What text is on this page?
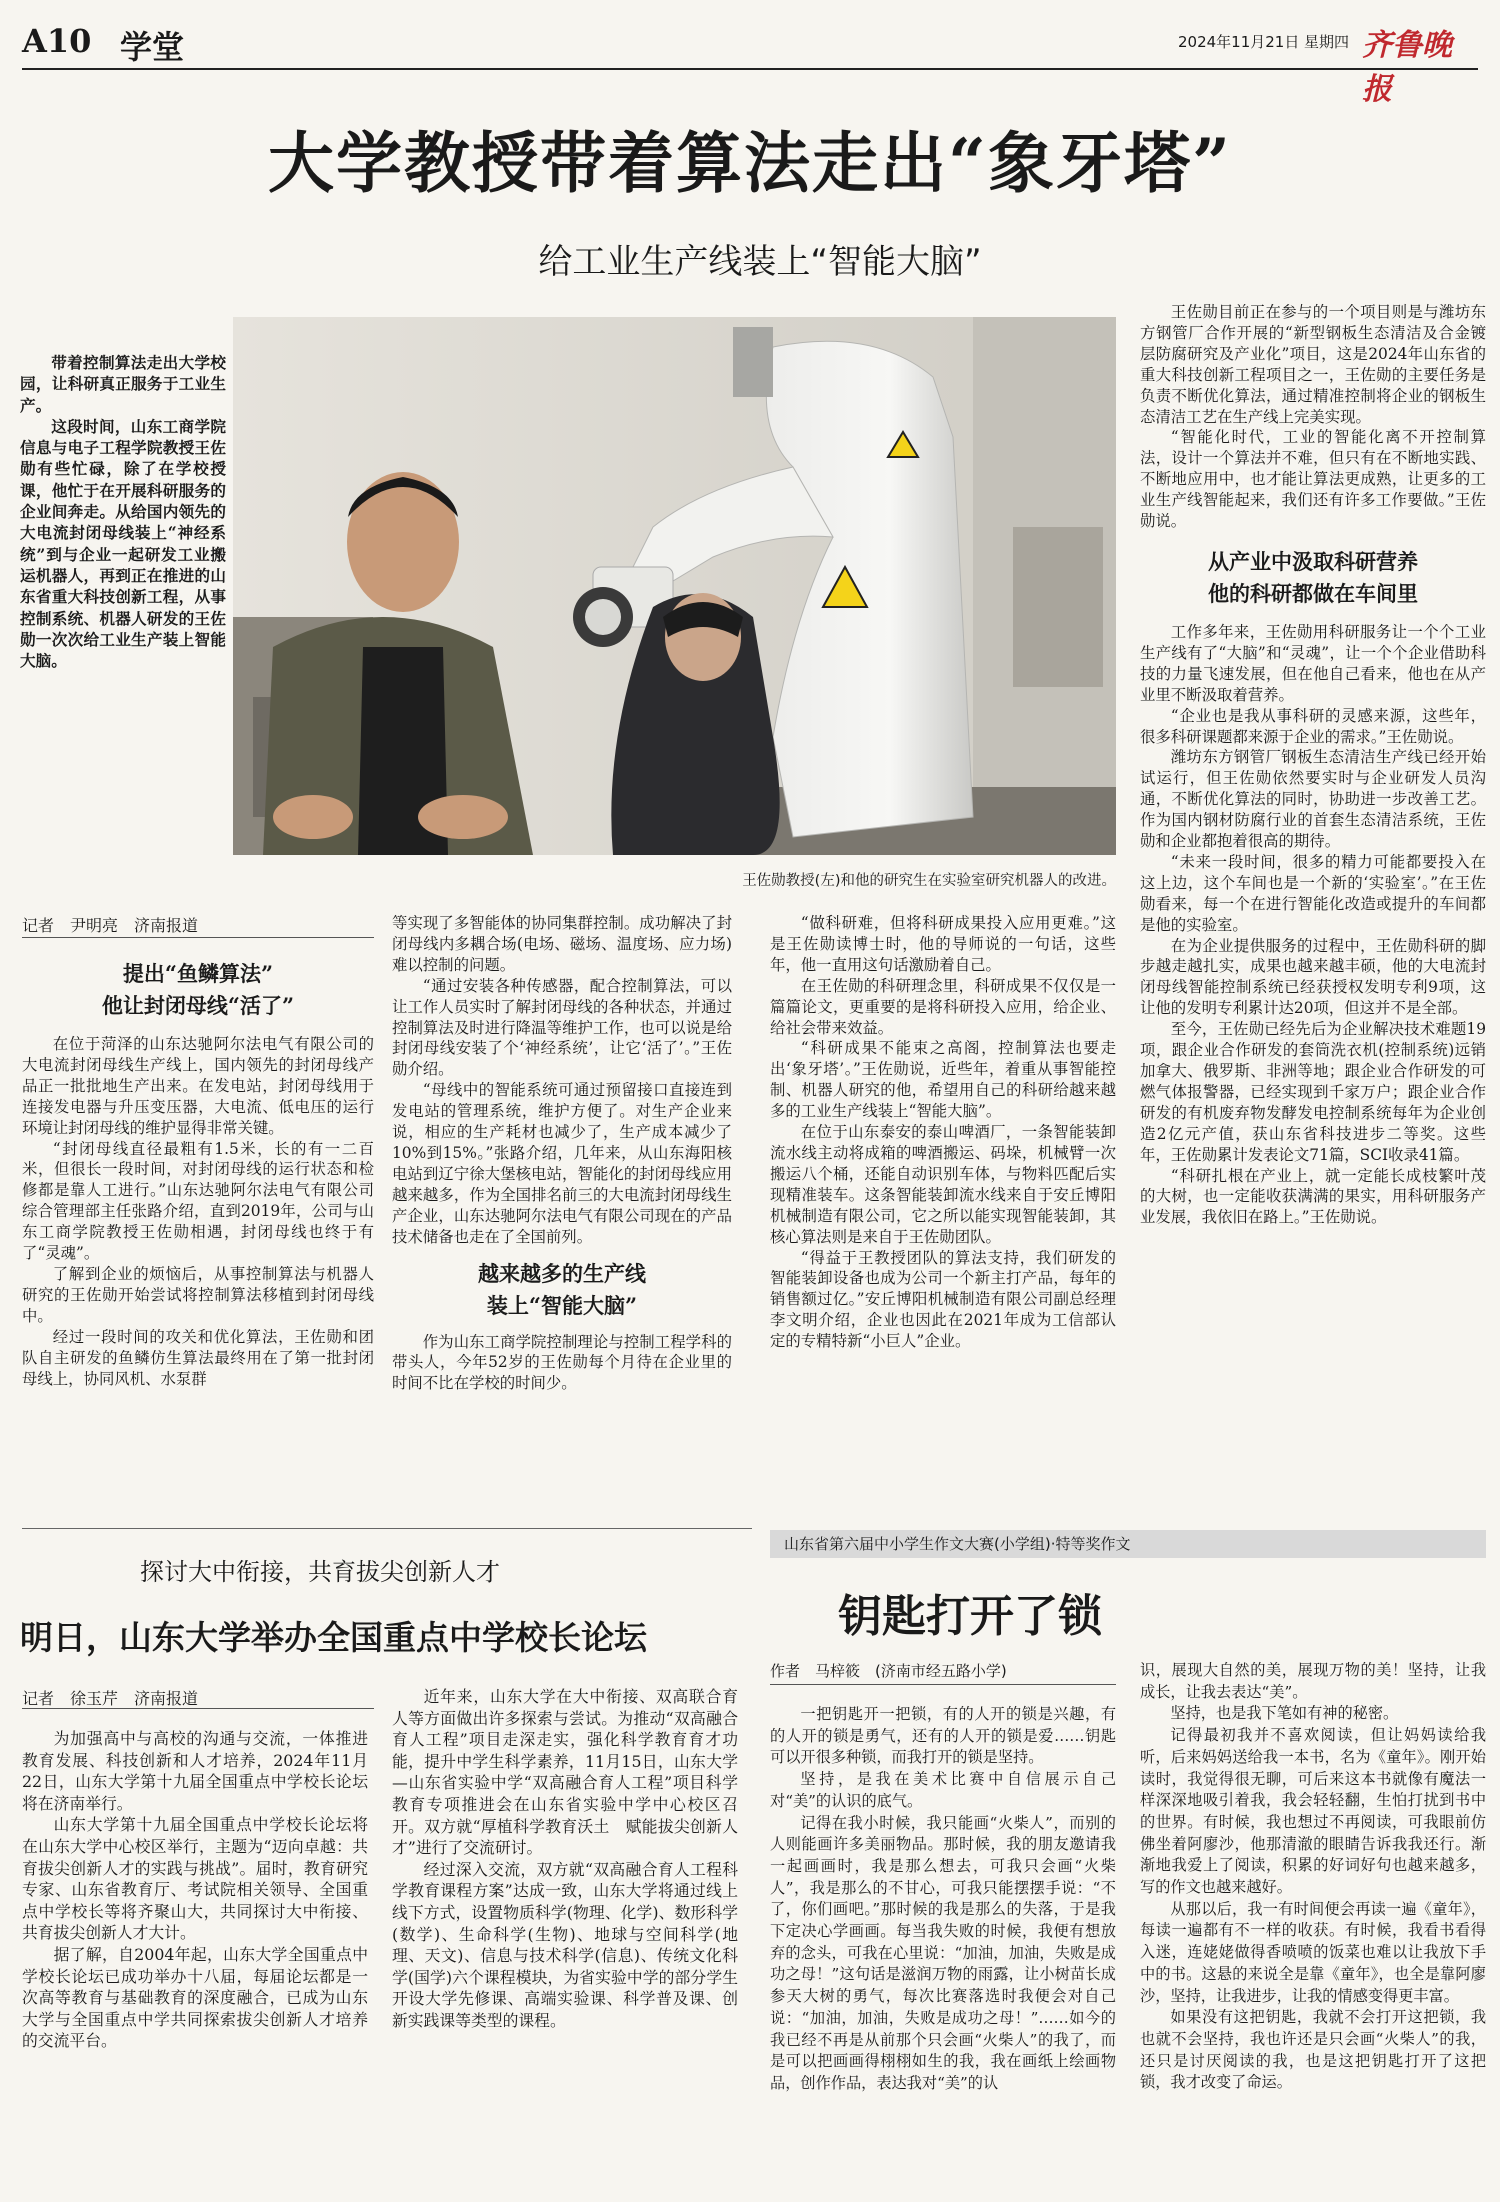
A10 学堂	2024年11月21日 星期四 齐鲁晚报
大学教授带着算法走出“象牙塔”
给工业生产线装上“智能大脑”

带着控制算法走出大学校园，让科研真正服务于工业生产。

这段时间，山东工商学院信息与电子工程学院教授王佐勋有些忙碌，除了在学校授课，他忙于在开展科研服务的企业间奔走。从给国内领先的大电流封闭母线装上“神经系统”到与企业一起研发工业搬运机器人，再到正在推进的山东省重大科技创新工程，从事控制系统、机器人研发的王佐勋一次次给工业生产装上智能大脑。

王佐勋教授(左)和他的研究生在实验室研究机器人的改进。

王佐勋目前正在参与的一个项目则是与潍坊东方钢管厂合作开展的“新型钢板生态清洁及合金镀层防腐研究及产业化”项目，这是2024年山东省的重大科技创新工程项目之一，王佐勋的主要任务是负责不断优化算法，通过精准控制将企业的钢板生态清洁工艺在生产线上完美实现。

“智能化时代，工业的智能化离不开控制算法，设计一个算法并不难，但只有在不断地实践、不断地应用中，也才能让算法更成熟，让更多的工业生产线智能起来，我们还有许多工作要做。”王佐勋说。

从产业中汲取科研营养
他的科研都做在车间里

工作多年来，王佐勋用科研服务让一个个工业生产线有了“大脑”和“灵魂”，让一个个企业借助科技的力量飞速发展，但在他自己看来，他也在从产业里不断汲取着营养。

“企业也是我从事科研的灵感来源，这些年，很多科研课题都来源于企业的需求。”王佐勋说。

潍坊东方钢管厂钢板生态清洁生产线已经开始试运行，但王佐勋依然要实时与企业研发人员沟通，不断优化算法的同时，协助进一步改善工艺。作为国内钢材防腐行业的首套生态清洁系统，王佐勋和企业都抱着很高的期待。

“未来一段时间，很多的精力可能都要投入在这上边，这个车间也是一个新的‘实验室’。”在王佐勋看来，每一个在进行智能化改造或提升的车间都是他的实验室。

在为企业提供服务的过程中，王佐勋科研的脚步越走越扎实，成果也越来越丰硕，他的大电流封闭母线智能控制系统已经获授权发明专利9项，这让他的发明专利累计达20项，但这并不是全部。

至今，王佐勋已经先后为企业解决技术难题19项，跟企业合作研发的套筒洗衣机(控制系统)远销加拿大、俄罗斯、非洲等地；跟企业合作研发的可燃气体报警器，已经实现到千家万户；跟企业合作研发的有机废弃物发酵发电控制系统每年为企业创造2亿元产值，获山东省科技进步二等奖。这些年，王佐勋累计发表论文71篇，SCI收录41篇。

“科研扎根在产业上，就一定能长成枝繁叶茂的大树，也一定能收获满满的果实，用科研服务产业发展，我依旧在路上。”王佐勋说。

记者　尹明亮　济南报道
提出“鱼鳞算法”
他让封闭母线“活了”

在位于菏泽的山东达驰阿尔法电气有限公司的大电流封闭母线生产线上，国内领先的封闭母线产品正一批批地生产出来。在发电站，封闭母线用于连接发电器与升压变压器，大电流、低电压的运行环境让封闭母线的维护显得非常关键。

“封闭母线直径最粗有1.5米，长的有一二百米，但很长一段时间，对封闭母线的运行状态和检修都是靠人工进行。”山东达驰阿尔法电气有限公司综合管理部主任张路介绍，直到2019年，公司与山东工商学院教授王佐勋相遇，封闭母线也终于有了“灵魂”。

了解到企业的烦恼后，从事控制算法与机器人研究的王佐勋开始尝试将控制算法移植到封闭母线中。

经过一段时间的攻关和优化算法，王佐勋和团队自主研发的鱼鳞仿生算法最终用在了第一批封闭母线上，协同风机、水泵群

等实现了多智能体的协同集群控制。成功解决了封闭母线内多耦合场(电场、磁场、温度场、应力场)难以控制的问题。

“通过安装各种传感器，配合控制算法，可以让工作人员实时了解封闭母线的各种状态，并通过控制算法及时进行降温等维护工作，也可以说是给封闭母线安装了个‘神经系统’，让它‘活了’。”王佐勋介绍。

“母线中的智能系统可通过预留接口直接连到发电站的管理系统，维护方便了。对生产企业来说，相应的生产耗材也减少了，生产成本减少了10%到15%。”张路介绍，几年来，从山东海阳核电站到辽宁徐大堡核电站，智能化的封闭母线应用越来越多，作为全国排名前三的大电流封闭母线生产企业，山东达驰阿尔法电气有限公司现在的产品技术储备也走在了全国前列。

越来越多的生产线
装上“智能大脑”

作为山东工商学院控制理论与控制工程学科的带头人，今年52岁的王佐勋每个月待在企业里的时间不比在学校的时间少。

“做科研难，但将科研成果投入应用更难。”这是王佐勋读博士时，他的导师说的一句话，这些年，他一直用这句话激励着自己。

在王佐勋的科研理念里，科研成果不仅仅是一篇篇论文，更重要的是将科研投入应用，给企业、给社会带来效益。

“科研成果不能束之高阁，控制算法也要走出‘象牙塔’。”王佐勋说，近些年，着重从事智能控制、机器人研究的他，希望用自己的科研给越来越多的工业生产线装上“智能大脑”。

在位于山东泰安的泰山啤酒厂，一条智能装卸流水线主动将成箱的啤酒搬运、码垛，机械臂一次搬运八个桶，还能自动识别车体，与物料匹配后实现精准装车。这条智能装卸流水线来自于安丘博阳机械制造有限公司，它之所以能实现智能装卸，其核心算法则是来自于王佐勋团队。

“得益于王教授团队的算法支持，我们研发的智能装卸设备也成为公司一个新主打产品，每年的销售额过亿。”安丘博阳机械制造有限公司副总经理李文明介绍，企业也因此在2021年成为工信部认定的专精特新“小巨人”企业。

探讨大中衔接，共育拔尖创新人才
明日，山东大学举办全国重点中学校长论坛
记者　徐玉芹　济南报道

为加强高中与高校的沟通与交流，一体推进教育发展、科技创新和人才培养，2024年11月22日，山东大学第十九届全国重点中学校长论坛将在济南举行。

山东大学第十九届全国重点中学校长论坛将在山东大学中心校区举行，主题为“迈向卓越：共育拔尖创新人才的实践与挑战”。届时，教育研究专家、山东省教育厅、考试院相关领导、全国重点中学校长等将齐聚山大，共同探讨大中衔接、共育拔尖创新人才大计。

据了解，自2004年起，山东大学全国重点中学校长论坛已成功举办十八届，每届论坛都是一次高等教育与基础教育的深度融合，已成为山东大学与全国重点中学共同探索拔尖创新人才培养的交流平台。

近年来，山东大学在大中衔接、双高联合育人等方面做出许多探索与尝试。为推动“双高融合育人工程”项目走深走实，强化科学教育育才功能，提升中学生科学素养，11月15日，山东大学—山东省实验中学“双高融合育人工程”项目科学教育专项推进会在山东省实验中学中心校区召开。双方就“厚植科学教育沃土　赋能拔尖创新人才”进行了交流研讨。

经过深入交流，双方就“双高融合育人工程科学教育课程方案”达成一致，山东大学将通过线上线下方式，设置物质科学(物理、化学)、数形科学(数学)、生命科学(生物)、地球与空间科学(地理、天文)、信息与技术科学(信息)、传统文化科学(国学)六个课程模块，为省实验中学的部分学生开设大学先修课、高端实验课、科学普及课、创新实践课等类型的课程。

山东省第六届中小学生作文大赛(小学组)·特等奖作文
钥匙打开了锁
作者　马梓筱　(济南市经五路小学)

一把钥匙开一把锁，有的人开的锁是兴趣，有的人开的锁是勇气，还有的人开的锁是爱……钥匙可以开很多种锁，而我打开的锁是坚持。

坚持，是我在美术比赛中自信展示自己对“美”的认识的底气。

记得在我小时候，我只能画“火柴人”，而别的人则能画许多美丽物品。那时候，我的朋友邀请我一起画画时，我是那么想去，可我只会画“火柴人”，我是那么的不甘心，可我只能摆摆手说：“不了，你们画吧。”那时候的我是那么的失落，于是我下定决心学画画。每当我失败的时候，我便有想放弃的念头，可我在心里说：“加油，加油，失败是成功之母！”这句话是滋润万物的雨露，让小树苗长成参天大树的勇气，每次比赛落选时我便会对自己说：“加油，加油，失败是成功之母！”……如今的我已经不再是从前那个只会画“火柴人”的我了，而是可以把画画得栩栩如生的我，我在画纸上绘画物品，创作作品，表达我对“美”的认

识，展现大自然的美，展现万物的美！坚持，让我成长，让我去表达“美”。

坚持，也是我下笔如有神的秘密。

记得最初我并不喜欢阅读，但让妈妈读给我听，后来妈妈送给我一本书，名为《童年》。刚开始读时，我觉得很无聊，可后来这本书就像有魔法一样深深地吸引着我，我会轻轻翻，生怕打扰到书中的世界。有时候，我也想过不再阅读，可我眼前仿佛坐着阿廖沙，他那清澈的眼睛告诉我我还行。渐渐地我爱上了阅读，积累的好词好句也越来越多，写的作文也越来越好。

从那以后，我一有时间便会再读一遍《童年》，每读一遍都有不一样的收获。有时候，我看书看得入迷，连姥姥做得香喷喷的饭菜也难以让我放下手中的书。这悬的来说全是靠《童年》，也全是靠阿廖沙，坚持，让我进步，让我的情感变得更丰富。

如果没有这把钥匙，我就不会打开这把锁，我也就不会坚持，我也许还是只会画“火柴人”的我，还只是讨厌阅读的我，也是这把钥匙打开了这把锁，我才改变了命运。
